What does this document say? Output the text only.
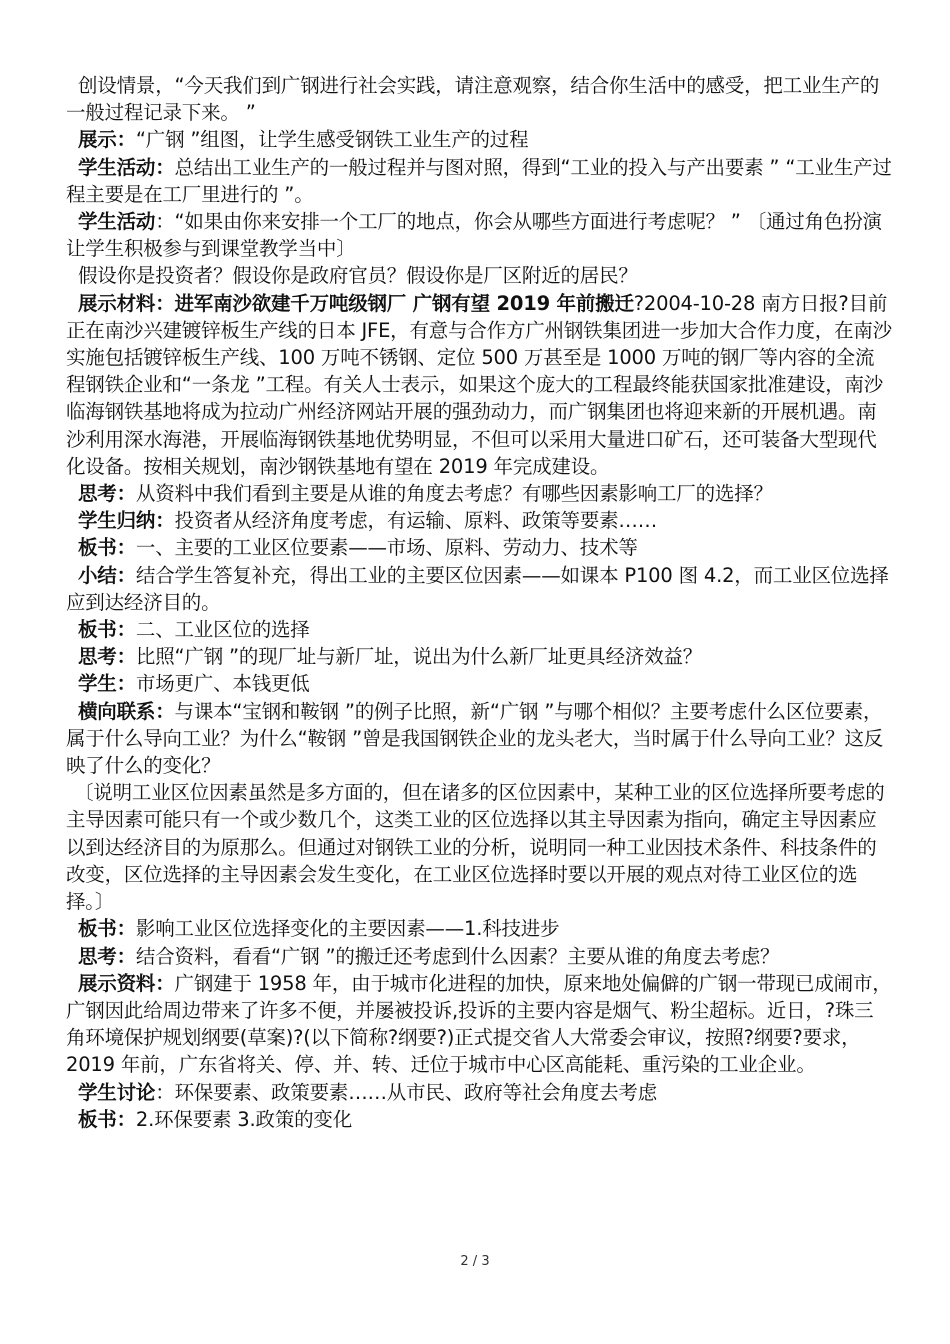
创设情景，“今天我们到广钢进行社会实践，请注意观察，结合你生活中的感受，把工业生产的一般过程记录下来。 ”

展示：“广钢 ”组图，让学生感受钢铁工业生产的过程

学生活动：总结出工业生产的一般过程并与图对照，得到“工业的投入与产出要素 ” “工业生产过程主要是在工厂里进行的 ”。

学生活动：“如果由你来安排一个工厂的地点，你会从哪些方面进行考虑呢？ ” 〔通过角色扮演让学生积极参与到课堂教学当中〕

假设你是投资者？假设你是政府官员？假设你是厂区附近的居民？

展示材料：进军南沙欲建千万吨级钢厂 广钢有望 2019 年前搬迁?2004-10-28 南方日报?目前正在南沙兴建镀锌板生产线的日本 JFE，有意与合作方广州钢铁集团进一步加大合作力度，在南沙实施包括镀锌板生产线、100 万吨不锈钢、定位 500 万甚至是 1000 万吨的钢厂等内容的全流程钢铁企业和“一条龙 ”工程。有关人士表示，如果这个庞大的工程最终能获国家批准建设，南沙临海钢铁基地将成为拉动广州经济网站开展的强劲动力，而广钢集团也将迎来新的开展机遇。南沙利用深水海港，开展临海钢铁基地优势明显，不但可以采用大量进口矿石，还可装备大型现代化设备。按相关规划，南沙钢铁基地有望在 2019 年完成建设。

思考：从资料中我们看到主要是从谁的角度去考虑？有哪些因素影响工厂的选择？

学生归纳：投资者从经济角度考虑，有运输、原料、政策等要素……

板书：一、主要的工业区位要素——市场、原料、劳动力、技术等

小结：结合学生答复补充，得出工业的主要区位因素——如课本 P100 图 4.2，而工业区位选择应到达经济目的。

板书：二、工业区位的选择

思考：比照“广钢 ”的现厂址与新厂址，说出为什么新厂址更具经济效益？

学生：市场更广、本钱更低

横向联系：与课本“宝钢和鞍钢 ”的例子比照，新“广钢 ”与哪个相似？主要考虑什么区位要素，属于什么导向工业？为什么“鞍钢 ”曾是我国钢铁企业的龙头老大，当时属于什么导向工业？这反映了什么的变化？

〔说明工业区位因素虽然是多方面的，但在诸多的区位因素中，某种工业的区位选择所要考虑的主导因素可能只有一个或少数几个，这类工业的区位选择以其主导因素为指向，确定主导因素应以到达经济目的为原那么。但通过对钢铁工业的分析，说明同一种工业因技术条件、科技条件的改变，区位选择的主导因素会发生变化，在工业区位选择时要以开展的观点对待工业区位的选择。〕

板书：影响工业区位选择变化的主要因素——1.科技进步

思考：结合资料，看看“广钢 ”的搬迁还考虑到什么因素？主要从谁的角度去考虑？

展示资料：广钢建于 1958 年，由于城市化进程的加快，原来地处偏僻的广钢一带现已成闹市，广钢因此给周边带来了许多不便，并屡被投诉,投诉的主要内容是烟气、粉尘超标。近日，?珠三角环境保护规划纲要(草案)?(以下简称?纲要?)正式提交省人大常委会审议，按照?纲要?要求，2019 年前，广东省将关、停、并、转、迁位于城市中心区高能耗、重污染的工业企业。

学生讨论：环保要素、政策要素……从市民、政府等社会角度去考虑

板书：2.环保要素 3.政策的变化

2 / 3
